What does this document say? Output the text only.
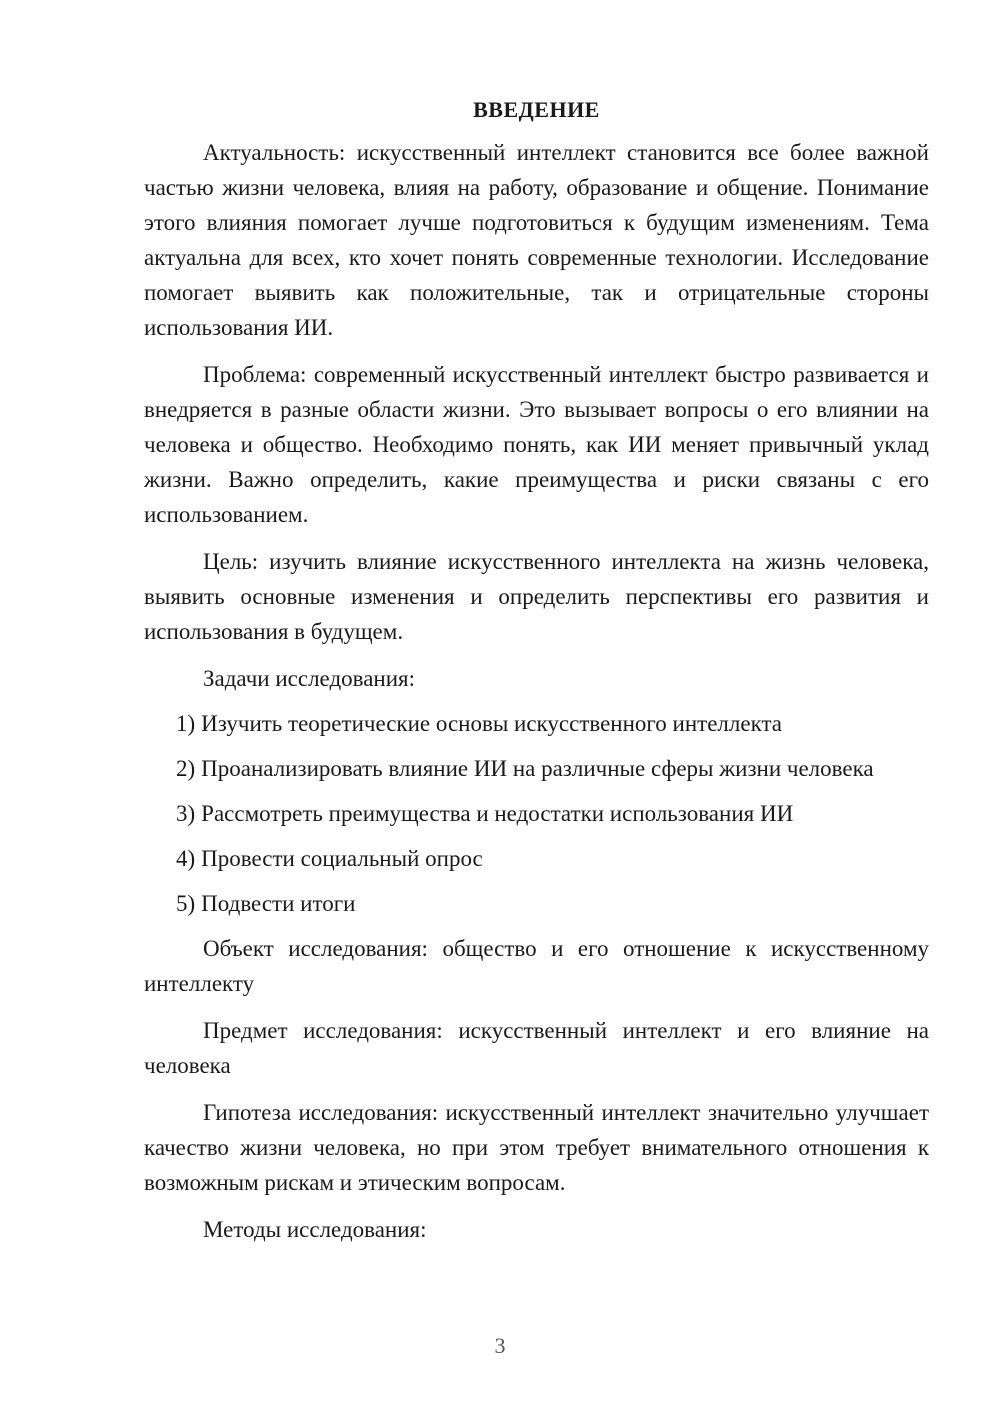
ВВЕДЕНИЕ

Актуальность: искусственный интеллект становится все более важной частью жизни человека, влияя на работу, образование и общение. Понимание этого влияния помогает лучше подготовиться к будущим изменениям. Тема актуальна для всех, кто хочет понять современные технологии. Исследование помогает выявить как положительные, так и отрицательные стороны использования ИИ.

Проблема: современный искусственный интеллект быстро развивается и внедряется в разные области жизни. Это вызывает вопросы о его влиянии на человека и общество. Необходимо понять, как ИИ меняет привычный уклад жизни. Важно определить, какие преимущества и риски связаны с его использованием.

Цель: изучить влияние искусственного интеллекта на жизнь человека, выявить основные изменения и определить перспективы его развития и использования в будущем.

Задачи исследования:

1) Изучить теоретические основы искусственного интеллекта
2) Проанализировать влияние ИИ на различные сферы жизни человека
3) Рассмотреть преимущества и недостатки использования ИИ
4) Провести социальный опрос
5) Подвести итоги

Объект исследования: общество и его отношение к искусственному интеллекту

Предмет исследования: искусственный интеллект и его влияние на человека

Гипотеза исследования: искусственный интеллект значительно улучшает качество жизни человека, но при этом требует внимательного отношения к возможным рискам и этическим вопросам.

Методы исследования:

3
